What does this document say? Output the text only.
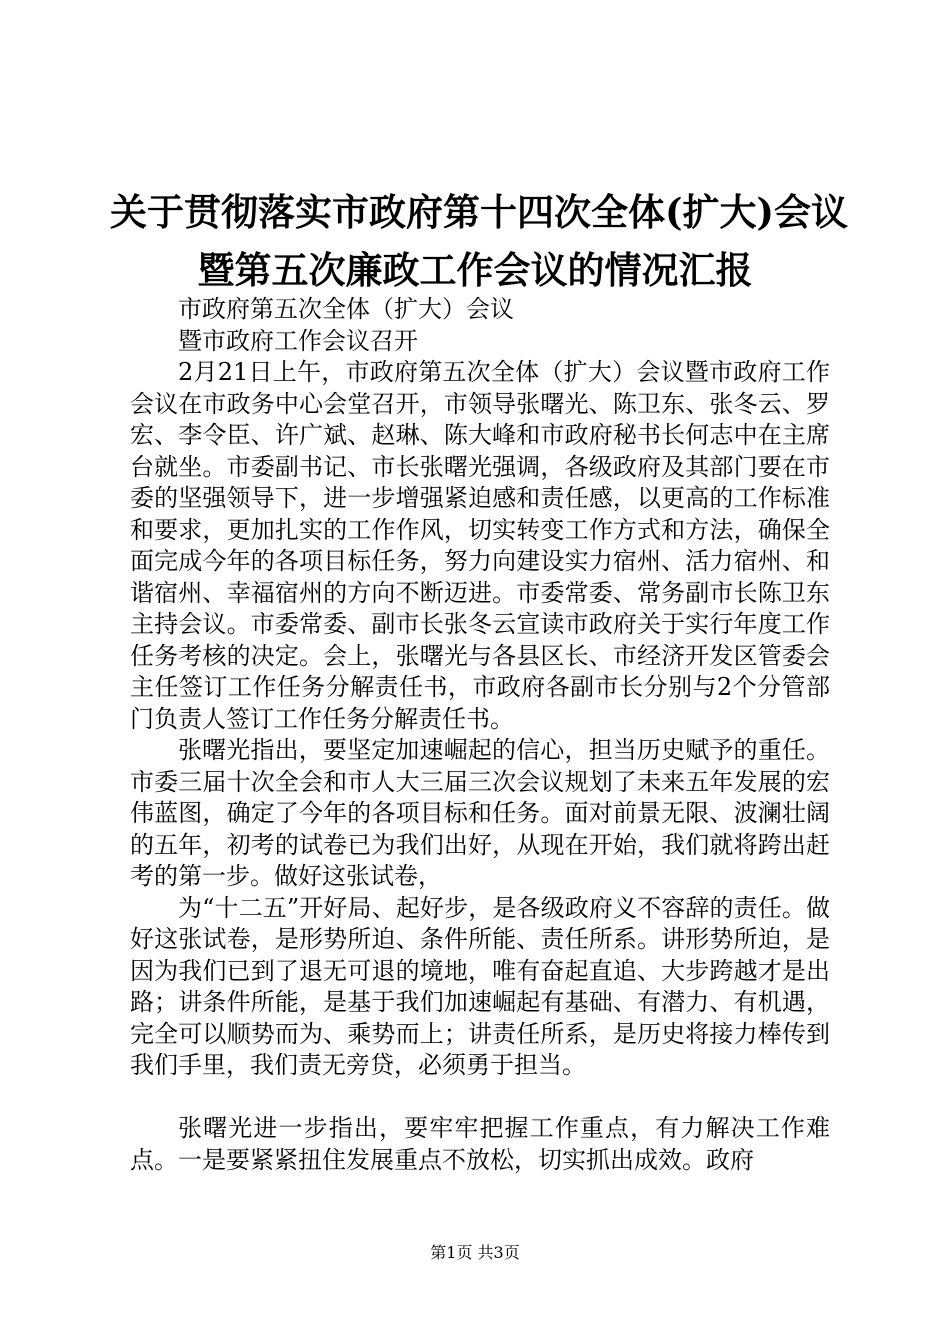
关于贯彻落实市政府第十四次全体(扩大)会议
暨第五次廉政工作会议的情况汇报

市政府第五次全体（扩大）会议

暨市政府工作会议召开

2月21日上午，市政府第五次全体（扩大）会议暨市政府工作会议在市政务中心会堂召开，市领导张曙光、陈卫东、张冬云、罗宏、李令臣、许广斌、赵琳、陈大峰和市政府秘书长何志中在主席台就坐。市委副书记、市长张曙光强调，各级政府及其部门要在市委的坚强领导下，进一步增强紧迫感和责任感，以更高的工作标准和要求，更加扎实的工作作风，切实转变工作方式和方法，确保全面完成今年的各项目标任务，努力向建设实力宿州、活力宿州、和谐宿州、幸福宿州的方向不断迈进。市委常委、常务副市长陈卫东主持会议。市委常委、副市长张冬云宣读市政府关于实行年度工作任务考核的决定。会上，张曙光与各县区长、市经济开发区管委会主任签订工作任务分解责任书，市政府各副市长分别与2个分管部门负责人签订工作任务分解责任书。

张曙光指出，要坚定加速崛起的信心，担当历史赋予的重任。市委三届十次全会和市人大三届三次会议规划了未来五年发展的宏伟蓝图，确定了今年的各项目标和任务。面对前景无限、波澜壮阔的五年，初考的试卷已为我们出好，从现在开始，我们就将跨出赶考的第一步。做好这张试卷，

为“十二五”开好局、起好步，是各级政府义不容辞的责任。做好这张试卷，是形势所迫、条件所能、责任所系。讲形势所迫，是因为我们已到了退无可退的境地，唯有奋起直追、大步跨越才是出路；讲条件所能，是基于我们加速崛起有基础、有潜力、有机遇，完全可以顺势而为、乘势而上；讲责任所系，是历史将接力棒传到我们手里，我们责无旁贷，必须勇于担当。

张曙光进一步指出，要牢牢把握工作重点，有力解决工作难点。一是要紧紧扭住发展重点不放松，切实抓出成效。政府

第1页 共3页
